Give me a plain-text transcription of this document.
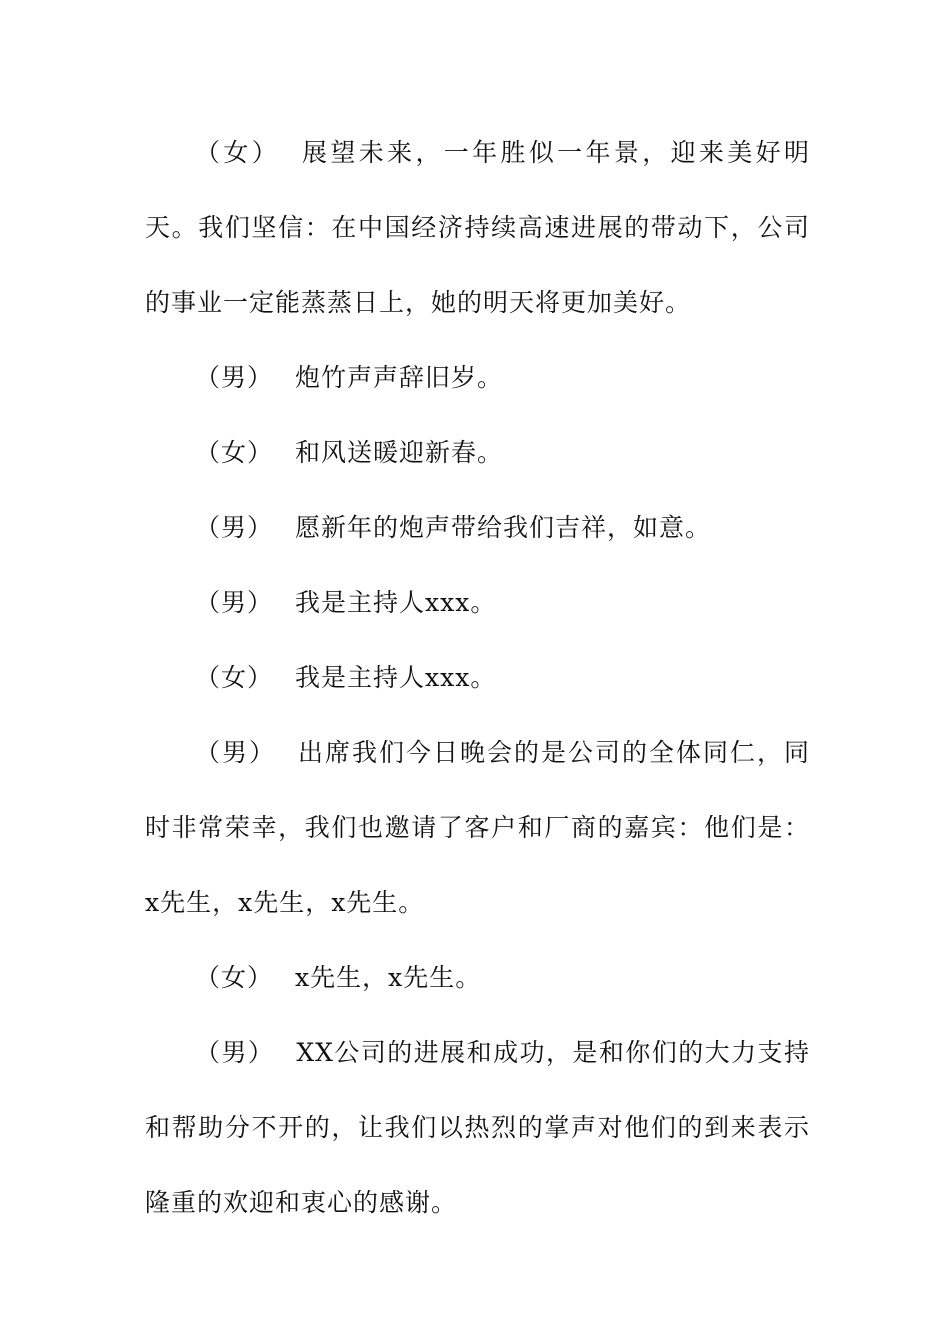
（女） 展望未来，一年胜似一年景，迎来美好明天。我们坚信：在中国经济持续高速进展的带动下，公司的事业一定能蒸蒸日上，她的明天将更加美好。

（男） 炮竹声声辞旧岁。

（女） 和风送暖迎新春。

（男） 愿新年的炮声带给我们吉祥，如意。

（男） 我是主持人xxx。

（女） 我是主持人xxx。

（男） 出席我们今日晚会的是公司的全体同仁，同时非常荣幸，我们也邀请了客户和厂商的嘉宾：他们是：x先生，x先生，x先生。

（女） x先生，x先生。

（男） XX公司的进展和成功，是和你们的大力支持和帮助分不开的，让我们以热烈的掌声对他们的到来表示隆重的欢迎和衷心的感谢。
